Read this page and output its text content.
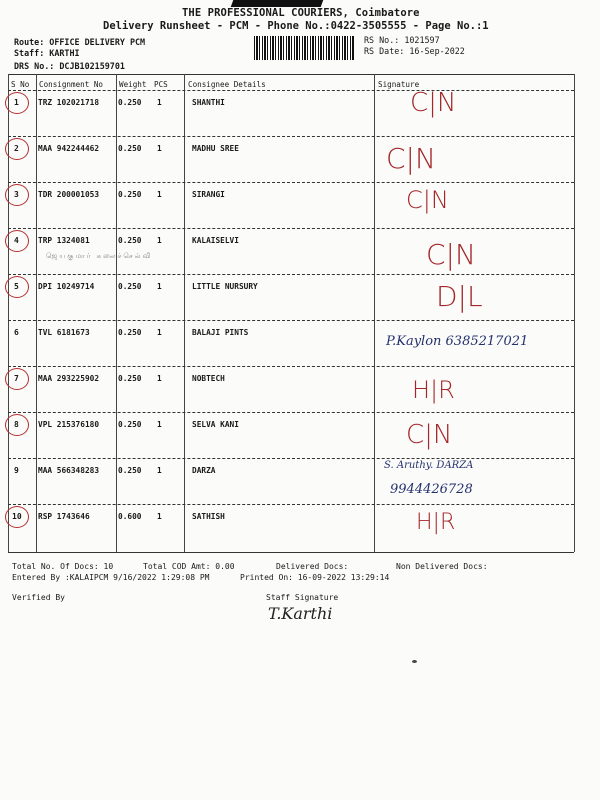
THE PROFESSIONAL COURIERS, Coimbatore
Delivery Runsheet - PCM - Phone No.:0422-3505555 - Page No.:1
Route: OFFICE DELIVERY PCM
Staff: KARTHI
DRS No.: DCJB102159701
RS No.: 1021597
RS Date: 16-Sep-2022
S No Consignment No Weight PCS	Consignee Details	Signature
1 TRZ 102021718 0.250 1	SHANTHI	C|N
2 MAA 942244462 0.250 1	MADHU SREE	C|N
3 TDR 200001053 0.250 1	SIRANGI	C|N
4 TRP 1324081	0.250 1	KALAISELVI	C|N
5 DPI 10249714	0.250 1	LITTLE NURSURY	D|L
6 TVL 6181673	0.250 1	BALAJI PINTS
P.Kaylon 6385217021
7 MAA 293225902 0.250 1	NOBTECH	H|R
8 VPL 215376180 0.250 1	SELVA KANI	C|N
9 MAA 566348283 0.250 1	DARZA	S. Aruthy. DARZA
9944426728
10 RSP 1743646	0.600 1	SATHISH	H|R
ஜெயகுமார் கலைச்செல்வி
Total No. Of Docs: 10	Total COD Amt: 0.00	Delivered Docs:	Non Delivered Docs:
Entered By :KALAIPCM 9/16/2022 1:29:08 PM	Printed On: 16-09-2022 13:29:14
Verified By	Staff Signature
T.Karthi
